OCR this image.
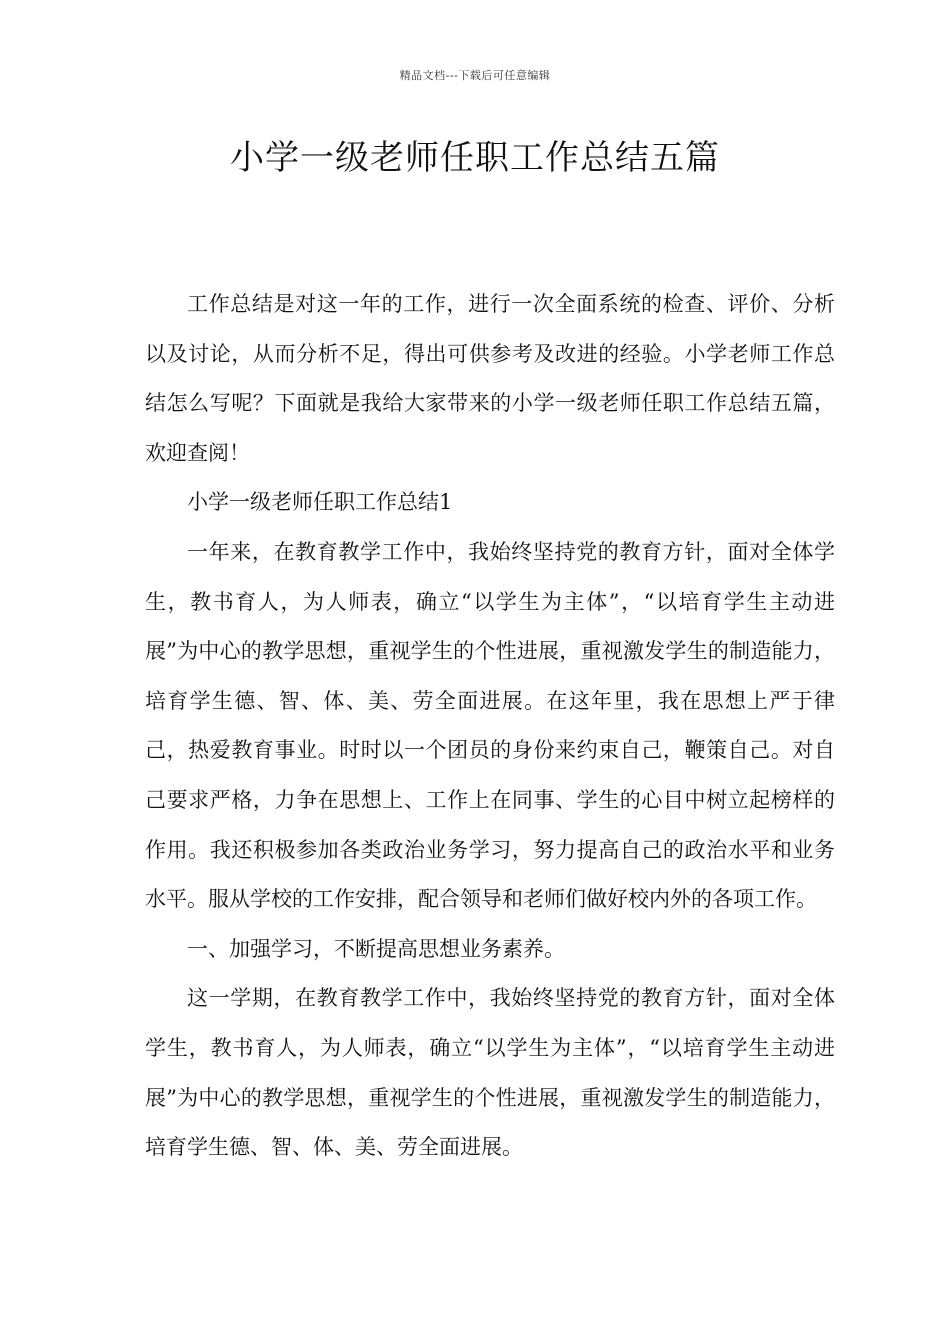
精品文档---下载后可任意编辑
小学一级老师任职工作总结五篇

工作总结是对这一年的工作，进行一次全面系统的检查、评价、分析以及讨论，从而分析不足，得出可供参考及改进的经验。小学老师工作总结怎么写呢？下面就是我给大家带来的小学一级老师任职工作总结五篇，欢迎查阅！

小学一级老师任职工作总结1

一年来，在教育教学工作中，我始终坚持党的教育方针，面对全体学生，教书育人，为人师表，确立“以学生为主体”，“以培育学生主动进展”为中心的教学思想，重视学生的个性进展，重视激发学生的制造能力，培育学生德、智、体、美、劳全面进展。在这年里，我在思想上严于律己，热爱教育事业。时时以一个团员的身份来约束自己，鞭策自己。对自己要求严格，力争在思想上、工作上在同事、学生的心目中树立起榜样的作用。我还积极参加各类政治业务学习，努力提高自己的政治水平和业务水平。服从学校的工作安排，配合领导和老师们做好校内外的各项工作。

一、加强学习，不断提高思想业务素养。

这一学期，在教育教学工作中，我始终坚持党的教育方针，面对全体学生，教书育人，为人师表，确立“以学生为主体”，“以培育学生主动进展”为中心的教学思想，重视学生的个性进展，重视激发学生的制造能力，培育学生德、智、体、美、劳全面进展。
